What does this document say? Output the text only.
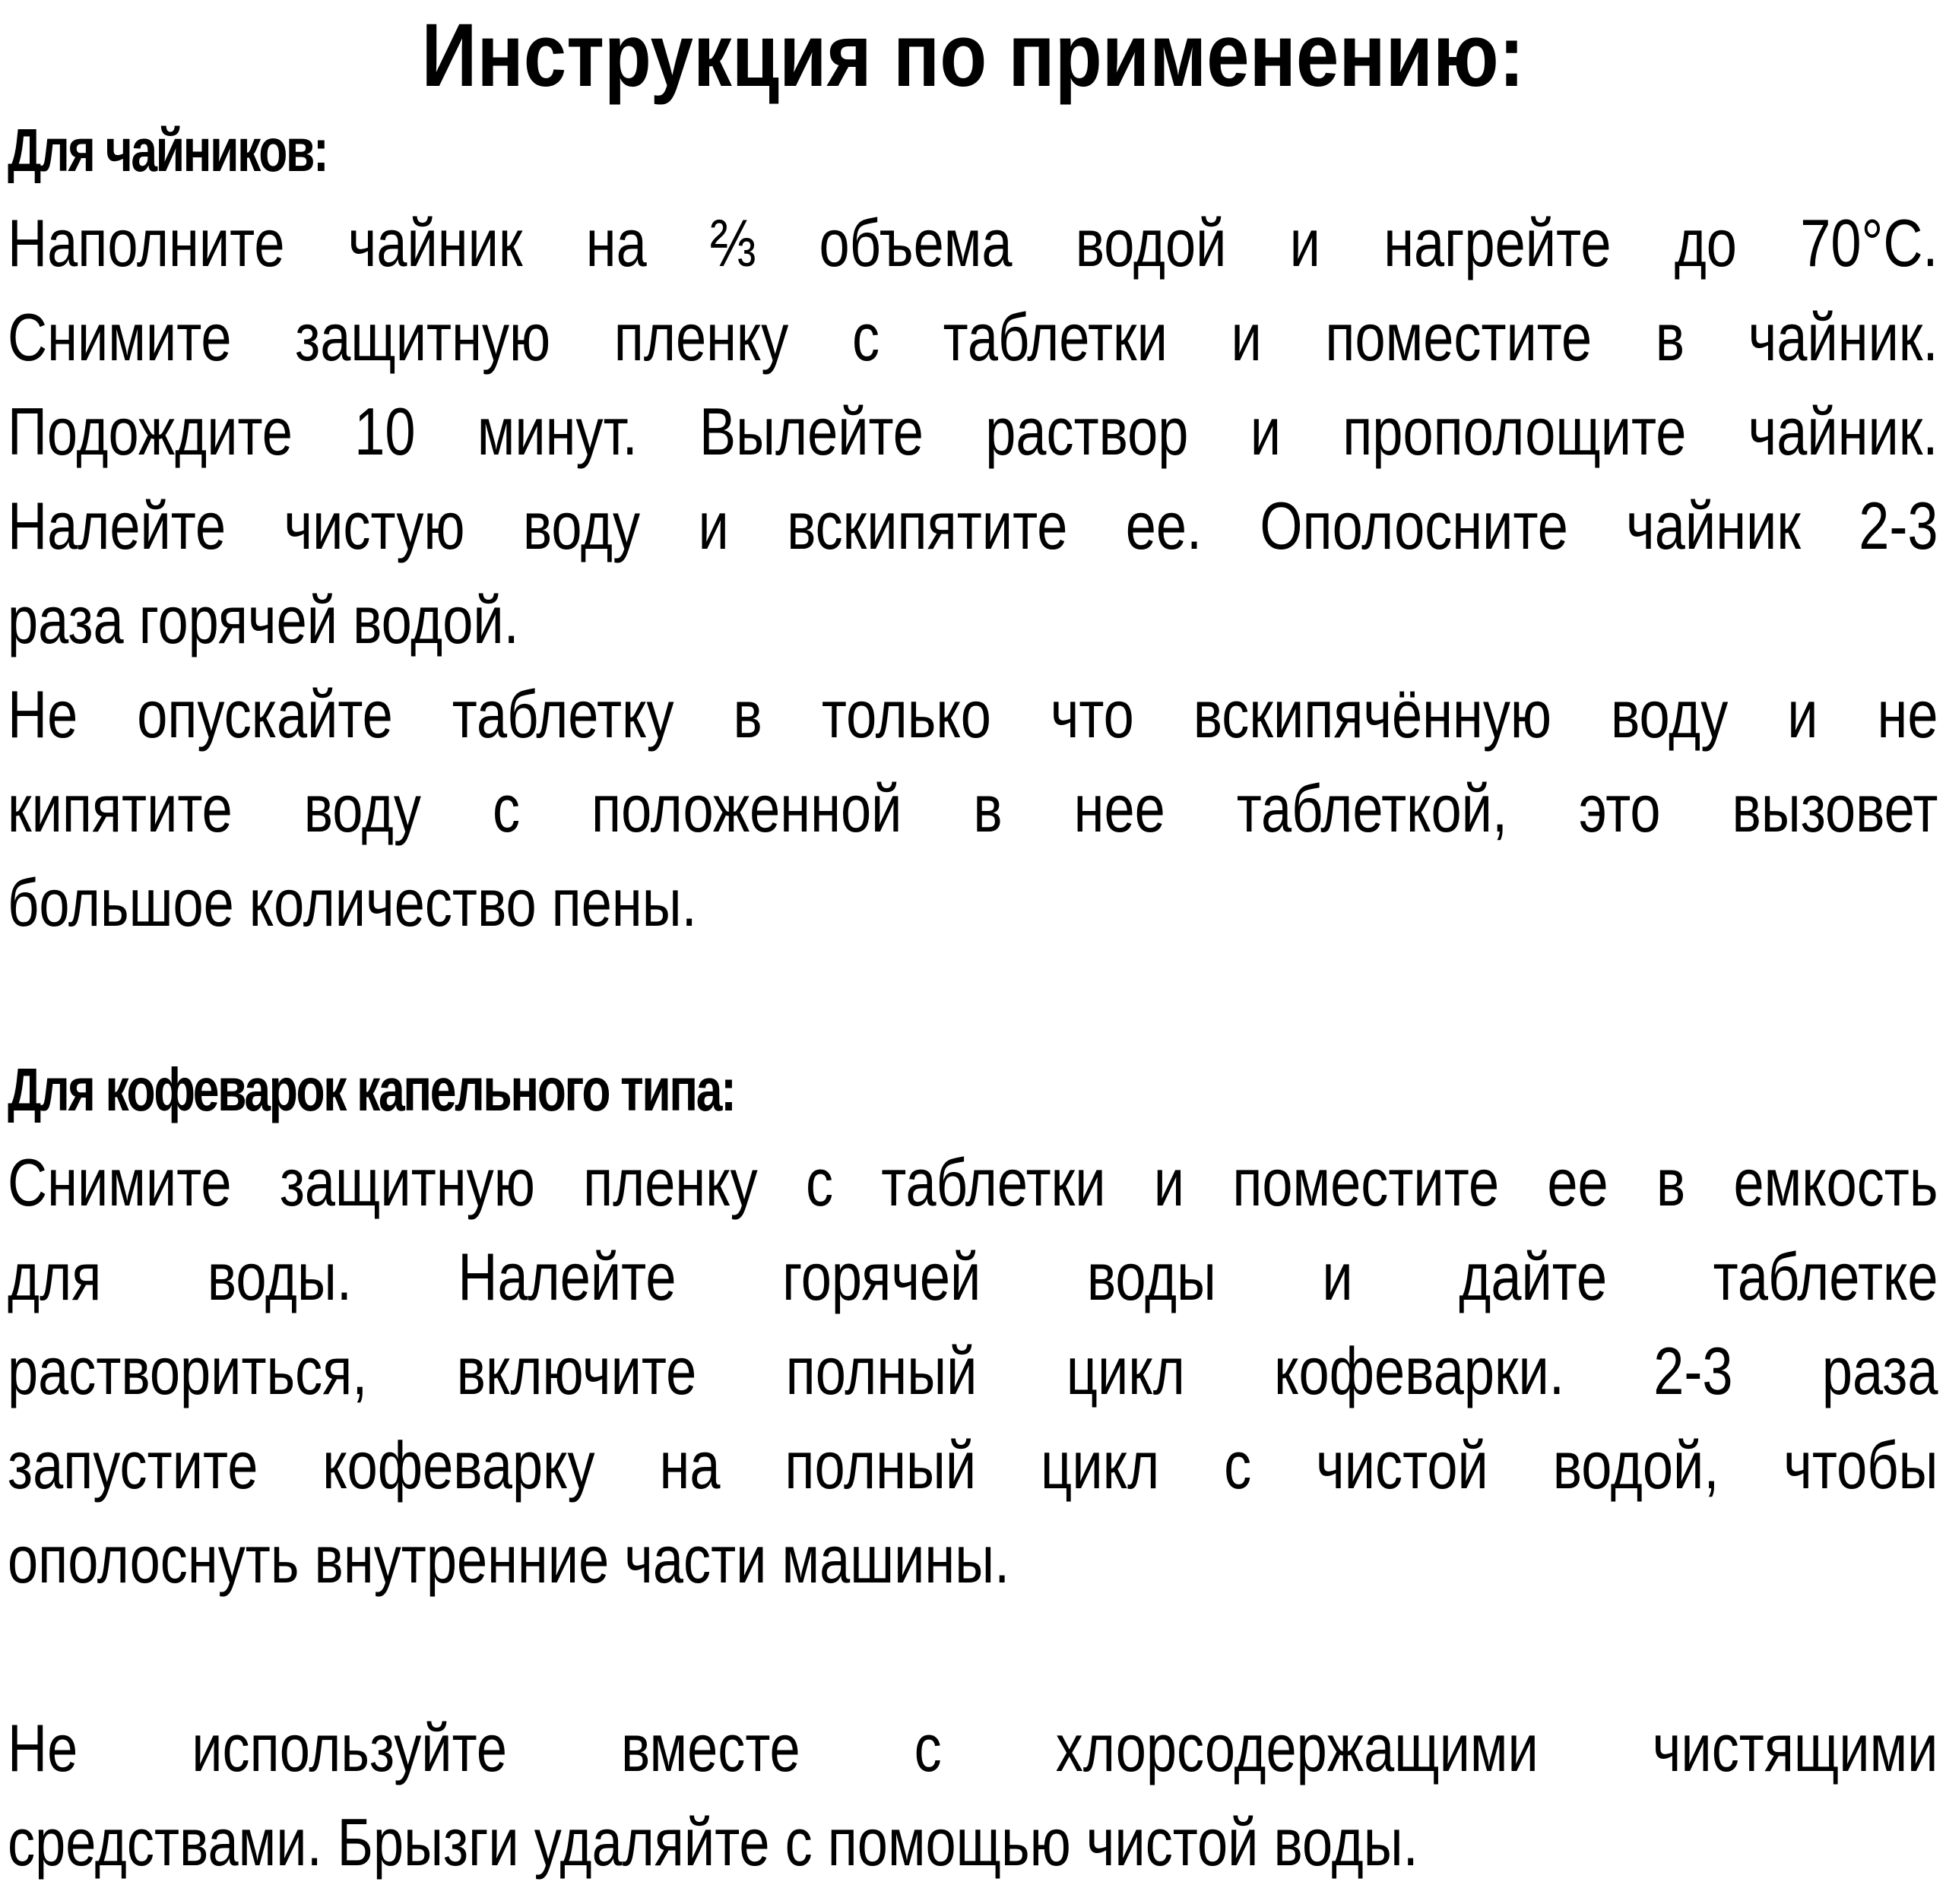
Инструкция по применению:
Для чайников:
Наполните чайник на ⅔ объема водой и нагрейте до 70°С.
Снимите защитную пленку с таблетки и поместите в чайник.
Подождите 10 минут. Вылейте раствор и прополощите чайник.
Налейте чистую воду и вскипятите ее. Ополосните чайник 2-3
раза горячей водой.
Не опускайте таблетку в только что вскипячённую воду и не
кипятите воду с положенной в нее таблеткой, это вызовет
большое количество пены.
Для кофеварок капельного типа:
Снимите защитную пленку с таблетки и поместите ее в емкость
для воды. Налейте горячей воды и дайте таблетке
раствориться, включите полный цикл кофеварки. 2-3 раза
запустите кофеварку на полный цикл с чистой водой, чтобы
ополоснуть внутренние части машины.
Не используйте вместе с хлорсодержащими чистящими
средствами. Брызги удаляйте с помощью чистой воды.
